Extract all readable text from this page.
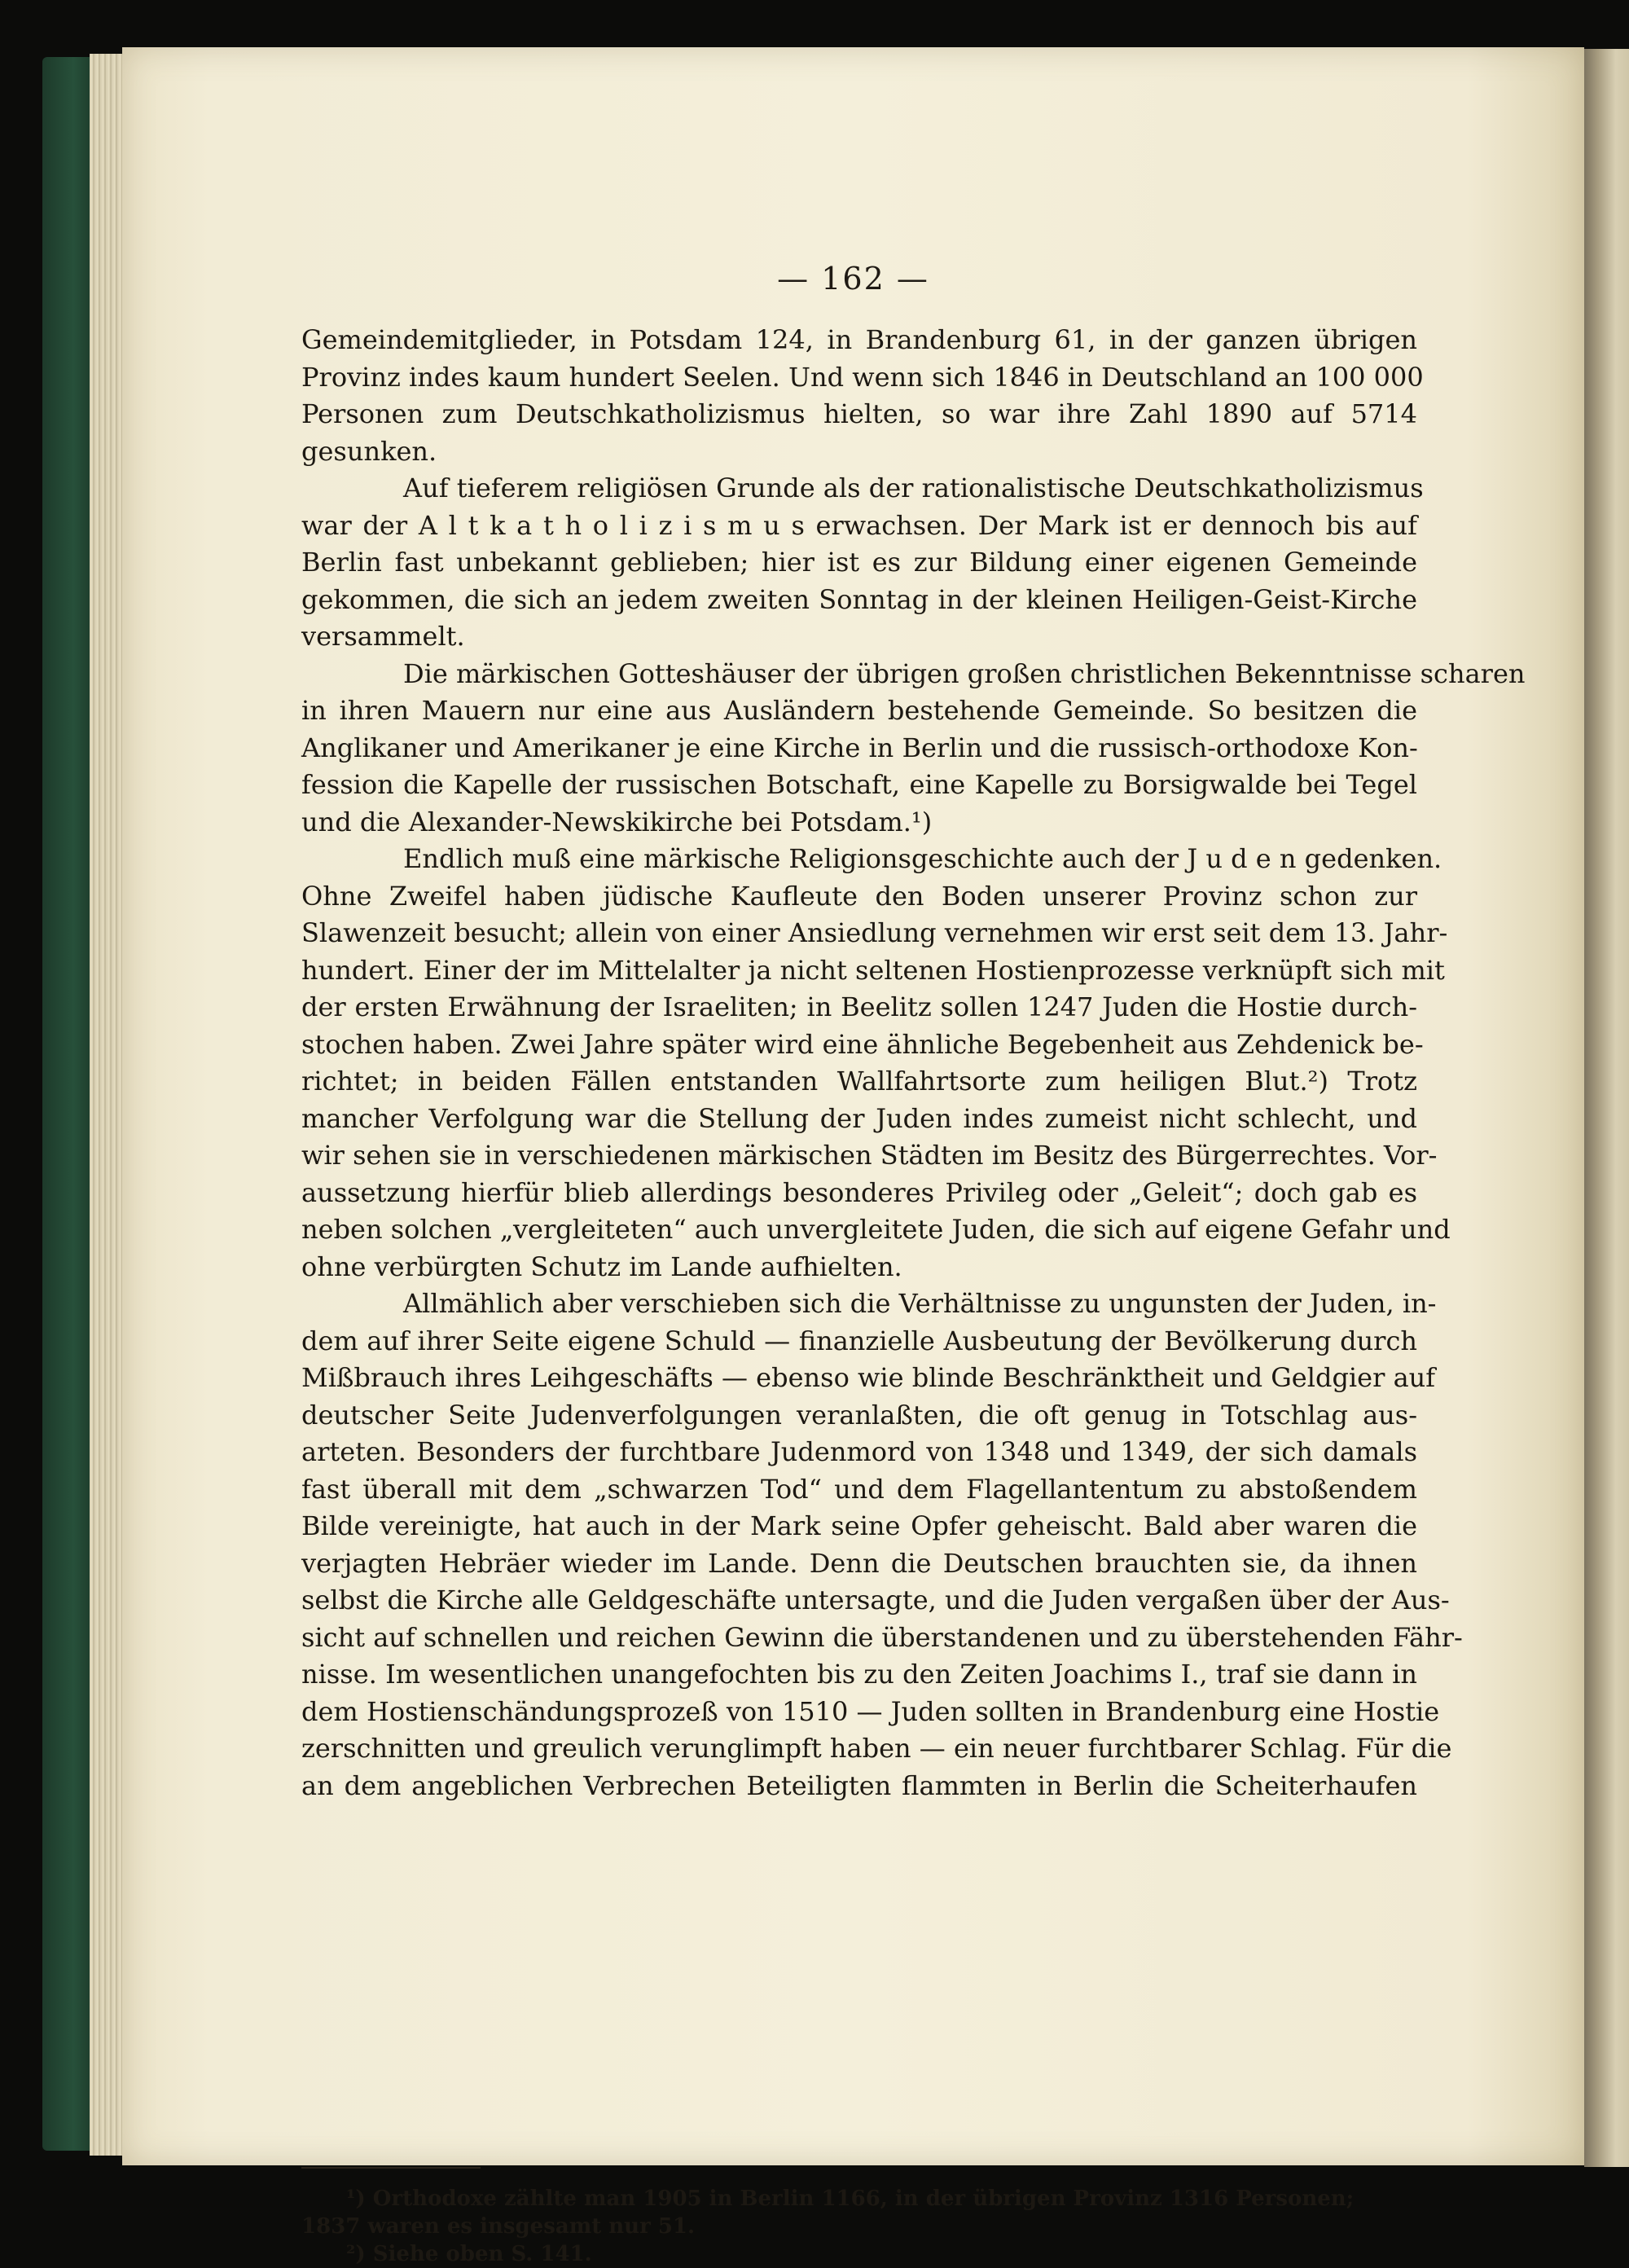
— 162 —
Gemeindemitglieder, in Potsdam 124, in Brandenburg 61, in der ganzen übrigen
Provinz indes kaum hundert Seelen. Und wenn sich 1846 in Deutschland an 100 000
Personen zum Deutschkatholizismus hielten, so war ihre Zahl 1890 auf 5714
gesunken.
Auf tieferem religiösen Grunde als der rationalistische Deutschkatholizismus
war der A l t k a t h o l i z i s m u s erwachsen. Der Mark ist er dennoch bis auf
Berlin fast unbekannt geblieben; hier ist es zur Bildung einer eigenen Gemeinde
gekommen, die sich an jedem zweiten Sonntag in der kleinen Heiligen-Geist-Kirche
versammelt.
Die märkischen Gotteshäuser der übrigen großen christlichen Bekenntnisse scharen
in ihren Mauern nur eine aus Ausländern bestehende Gemeinde. So besitzen die
Anglikaner und Amerikaner je eine Kirche in Berlin und die russisch-orthodoxe Kon-
fession die Kapelle der russischen Botschaft, eine Kapelle zu Borsigwalde bei Tegel
und die Alexander-Newskikirche bei Potsdam.¹)
Endlich muß eine märkische Religionsgeschichte auch der J u d e n gedenken.
Ohne Zweifel haben jüdische Kaufleute den Boden unserer Provinz schon zur
Slawenzeit besucht; allein von einer Ansiedlung vernehmen wir erst seit dem 13. Jahr-
hundert. Einer der im Mittelalter ja nicht seltenen Hostienprozesse verknüpft sich mit
der ersten Erwähnung der Israeliten; in Beelitz sollen 1247 Juden die Hostie durch-
stochen haben. Zwei Jahre später wird eine ähnliche Begebenheit aus Zehdenick be-
richtet; in beiden Fällen entstanden Wallfahrtsorte zum heiligen Blut.²) Trotz
mancher Verfolgung war die Stellung der Juden indes zumeist nicht schlecht, und
wir sehen sie in verschiedenen märkischen Städten im Besitz des Bürgerrechtes. Vor-
aussetzung hierfür blieb allerdings besonderes Privileg oder „Geleit“; doch gab es
neben solchen „vergleiteten“ auch unvergleitete Juden, die sich auf eigene Gefahr und
ohne verbürgten Schutz im Lande aufhielten.
Allmählich aber verschieben sich die Verhältnisse zu ungunsten der Juden, in-
dem auf ihrer Seite eigene Schuld — finanzielle Ausbeutung der Bevölkerung durch
Mißbrauch ihres Leihgeschäfts — ebenso wie blinde Beschränktheit und Geldgier auf
deutscher Seite Judenverfolgungen veranlaßten, die oft genug in Totschlag aus-
arteten. Besonders der furchtbare Judenmord von 1348 und 1349, der sich damals
fast überall mit dem „schwarzen Tod“ und dem Flagellantentum zu abstoßendem
Bilde vereinigte, hat auch in der Mark seine Opfer geheischt. Bald aber waren die
verjagten Hebräer wieder im Lande. Denn die Deutschen brauchten sie, da ihnen
selbst die Kirche alle Geldgeschäfte untersagte, und die Juden vergaßen über der Aus-
sicht auf schnellen und reichen Gewinn die überstandenen und zu überstehenden Fähr-
nisse. Im wesentlichen unangefochten bis zu den Zeiten Joachims I., traf sie dann in
dem Hostienschändungsprozeß von 1510 — Juden sollten in Brandenburg eine Hostie
zerschnitten und greulich verunglimpft haben — ein neuer furchtbarer Schlag. Für die
an dem angeblichen Verbrechen Beteiligten flammten in Berlin die Scheiterhaufen
¹) Orthodoxe zählte man 1905 in Berlin 1166, in der übrigen Provinz 1316 Personen;
1837 waren es insgesamt nur 51.
²) Siehe oben S. 141.
